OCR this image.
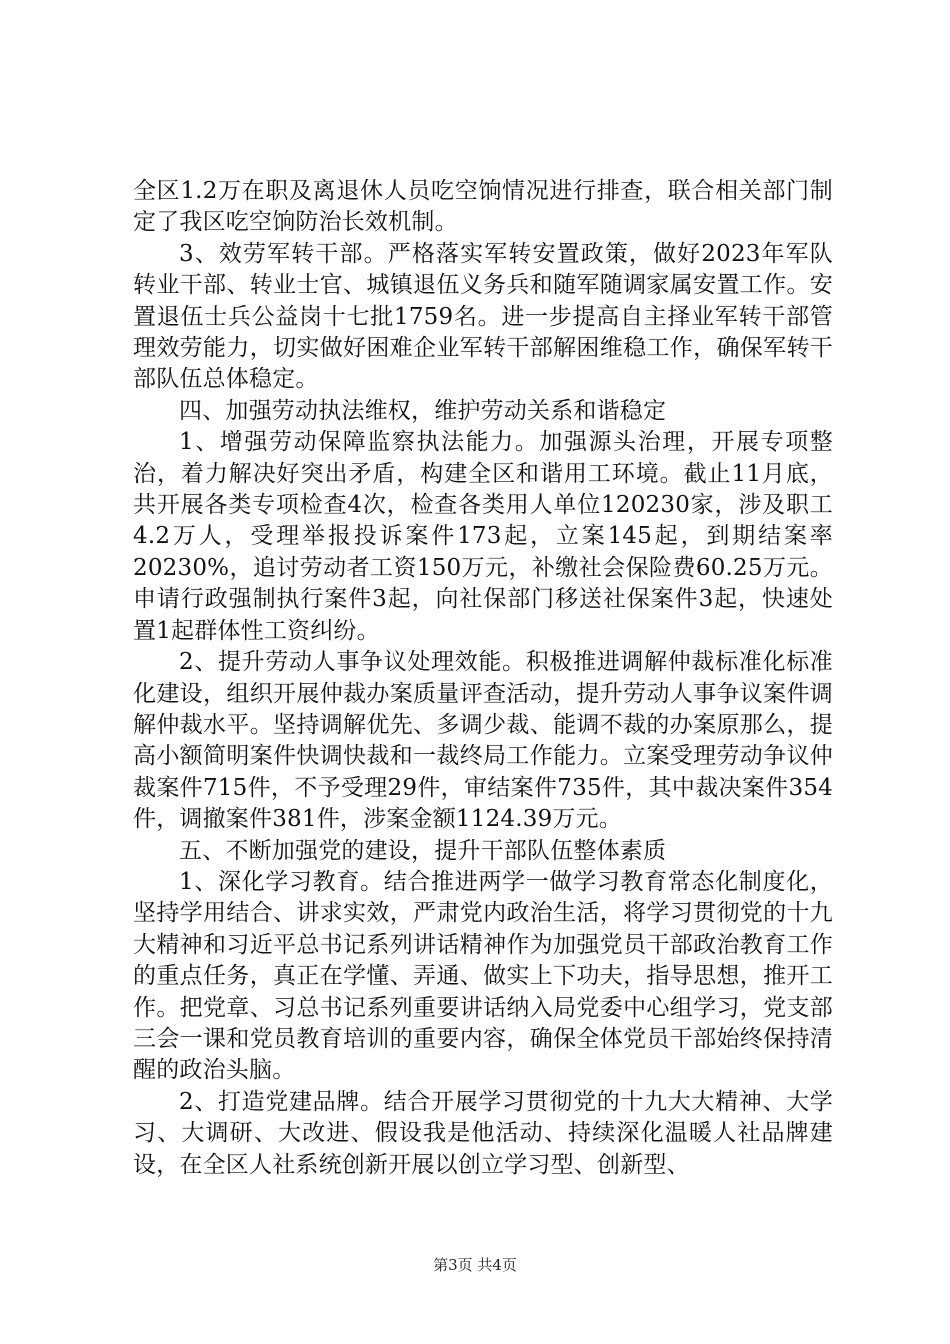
全区1.2万在职及离退休人员吃空饷情况进行排查，联合相关部门制定了我区吃空饷防治长效机制。

3、效劳军转干部。严格落实军转安置政策，做好2023年军队转业干部、转业士官、城镇退伍义务兵和随军随调家属安置工作。安置退伍士兵公益岗十七批1759名。进一步提高自主择业军转干部管理效劳能力，切实做好困难企业军转干部解困维稳工作，确保军转干部队伍总体稳定。

四、加强劳动执法维权，维护劳动关系和谐稳定

1、增强劳动保障监察执法能力。加强源头治理，开展专项整治，着力解决好突出矛盾，构建全区和谐用工环境。截止11月底，共开展各类专项检查4次，检查各类用人单位120230家，涉及职工4.2万人，受理举报投诉案件173起，立案145起，到期结案率20230%，追讨劳动者工资150万元，补缴社会保险费60.25万元。申请行政强制执行案件3起，向社保部门移送社保案件3起，快速处置1起群体性工资纠纷。

2、提升劳动人事争议处理效能。积极推进调解仲裁标准化标准化建设，组织开展仲裁办案质量评查活动，提升劳动人事争议案件调解仲裁水平。坚持调解优先、多调少裁、能调不裁的办案原那么，提高小额简明案件快调快裁和一裁终局工作能力。立案受理劳动争议仲裁案件715件，不予受理29件，审结案件735件，其中裁决案件354件，调撤案件381件，涉案金额1124.39万元。

五、不断加强党的建设，提升干部队伍整体素质

1、深化学习教育。结合推进两学一做学习教育常态化制度化，坚持学用结合、讲求实效，严肃党内政治生活，将学习贯彻党的十九大精神和习近平总书记系列讲话精神作为加强党员干部政治教育工作的重点任务，真正在学懂、弄通、做实上下功夫，指导思想，推开工作。把党章、习总书记系列重要讲话纳入局党委中心组学习，党支部三会一课和党员教育培训的重要内容，确保全体党员干部始终保持清醒的政治头脑。

2、打造党建品牌。结合开展学习贯彻党的十九大大精神、大学习、大调研、大改进、假设我是他活动、持续深化温暖人社品牌建设，在全区人社系统创新开展以创立学习型、创新型、

第3页 共4页
